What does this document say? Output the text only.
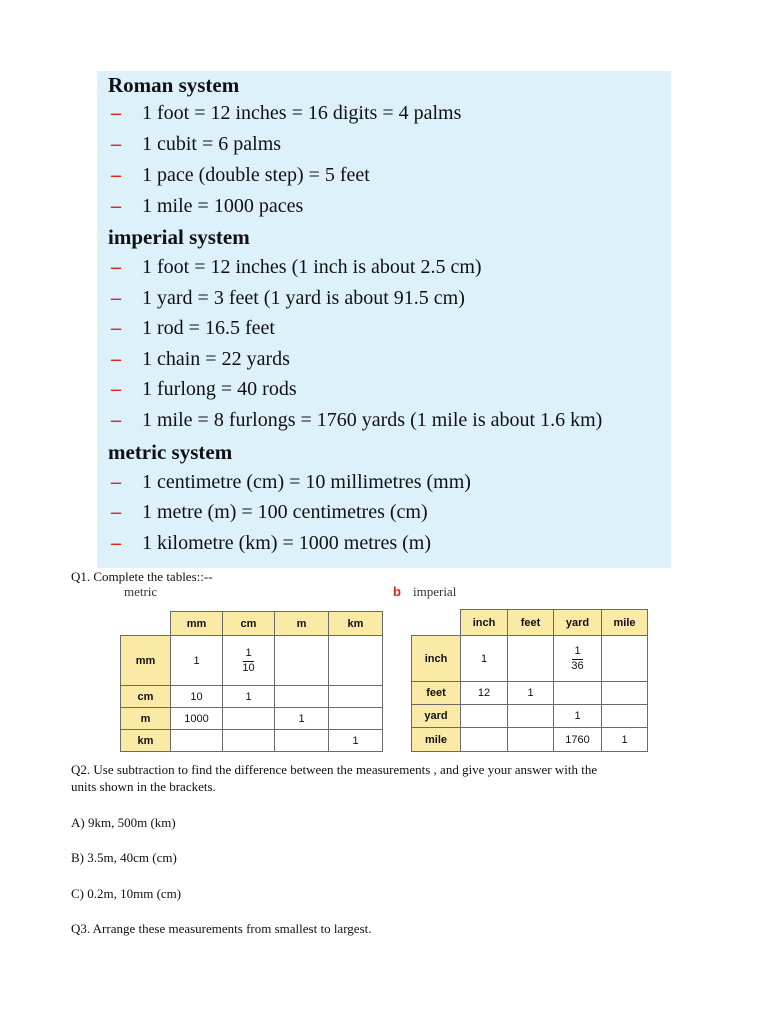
Roman system
– 1 foot = 12 inches = 16 digits = 4 palms
– 1 cubit = 6 palms
– 1 pace (double step) = 5 feet
– 1 mile = 1000 paces
imperial system
– 1 foot = 12 inches (1 inch is about 2.5 cm)
– 1 yard = 3 feet (1 yard is about 91.5 cm)
– 1 rod = 16.5 feet
– 1 chain = 22 yards
– 1 furlong = 40 rods
– 1 mile = 8 furlongs = 1760 yards (1 mile is about 1.6 km)
metric system
– 1 centimetre (cm) = 10 millimetres (mm)
– 1 metre (m) = 100 centimetres (cm)
– 1 kilometre (km) = 1000 metres (m)
Q1. Complete the tables::--
metric	b imperial
	mm	cm	m	km
mm	1	$\frac{1}{10}$

cm	10	1		
m	1000		1	
km				1
	inch	feet	yard	mile
inch	1		$\frac{1}{36}$

feet	12	1		
yard			1	
mile			1760	1
Q2. Use subtraction to find the difference between the measurements , and give your answer with the
units shown in the brackets.
A) 9km, 500m (km)
B) 3.5m, 40cm (cm)
C) 0.2m, 10mm (cm)
Q3. Arrange these measurements from smallest to largest.
